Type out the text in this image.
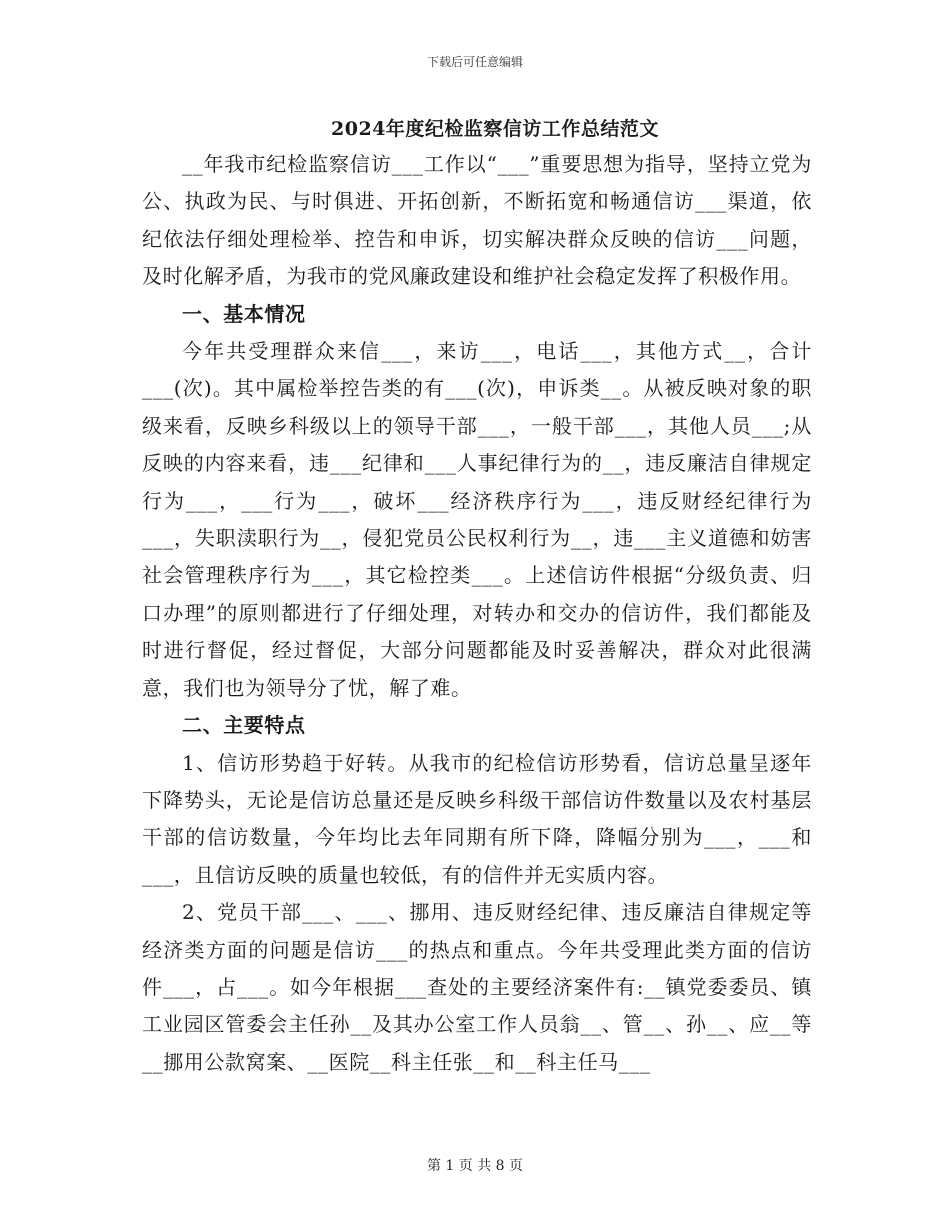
下载后可任意编辑
2024年度纪检监察信访工作总结范文

__年我市纪检监察信访___工作以“___”重要思想为指导，坚持立党为公、执政为民、与时俱进、开拓创新，不断拓宽和畅通信访___渠道，依纪依法仔细处理检举、控告和申诉，切实解决群众反映的信访___问题，及时化解矛盾，为我市的党风廉政建设和维护社会稳定发挥了积极作用。

一、基本情况

今年共受理群众来信___，来访___，电话___，其他方式__，合计___(次)。其中属检举控告类的有___(次)，申诉类__。从被反映对象的职级来看，反映乡科级以上的领导干部___，一般干部___，其他人员___;从反映的内容来看，违___纪律和___人事纪律行为的__，违反廉洁自律规定行为___，___行为___，破坏___经济秩序行为___，违反财经纪律行为___，失职渎职行为__，侵犯党员公民权利行为__，违___主义道德和妨害社会管理秩序行为___，其它检控类___。上述信访件根据“分级负责、归口办理”的原则都进行了仔细处理，对转办和交办的信访件，我们都能及时进行督促，经过督促，大部分问题都能及时妥善解决，群众对此很满意，我们也为领导分了忧，解了难。

二、主要特点

1、信访形势趋于好转。从我市的纪检信访形势看，信访总量呈逐年下降势头，无论是信访总量还是反映乡科级干部信访件数量以及农村基层干部的信访数量，今年均比去年同期有所下降，降幅分别为___，___和___，且信访反映的质量也较低，有的信件并无实质内容。

2、党员干部___、___、挪用、违反财经纪律、违反廉洁自律规定等经济类方面的问题是信访___的热点和重点。今年共受理此类方面的信访件___，占___。如今年根据___查处的主要经济案件有:__镇党委委员、镇工业园区管委会主任孙__及其办公室工作人员翁__、管__、孙__、应__等__挪用公款窝案、__医院__科主任张__和__科主任马___

第 1 页 共 8 页
